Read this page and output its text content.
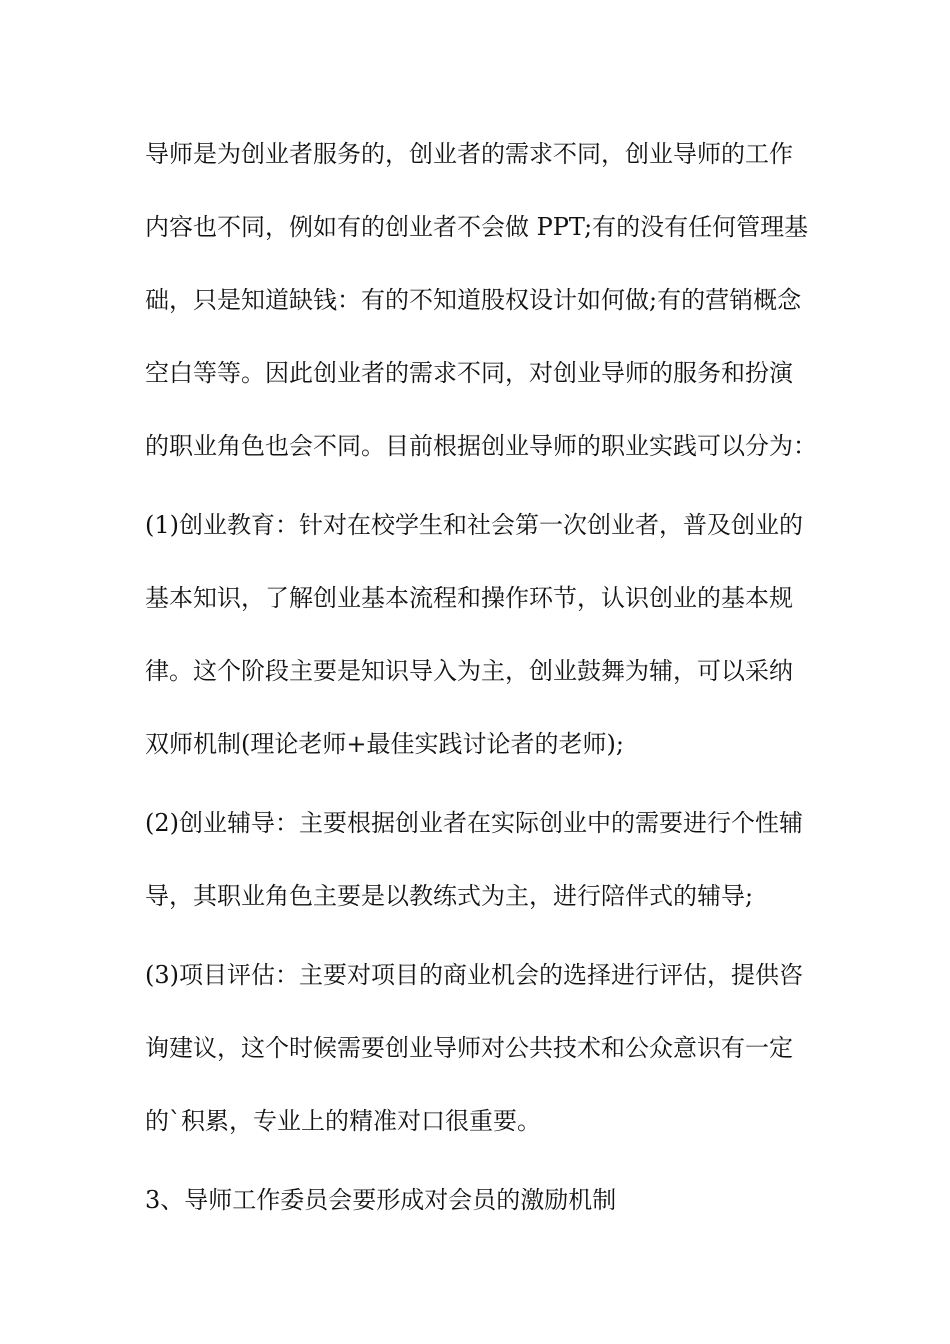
导师是为创业者服务的，创业者的需求不同，创业导师的工作
内容也不同，例如有的创业者不会做 PPT;有的没有任何管理基
础，只是知道缺钱：有的不知道股权设计如何做;有的营销概念
空白等等。因此创业者的需求不同，对创业导师的服务和扮演
的职业角色也会不同。目前根据创业导师的职业实践可以分为：
(1)创业教育：针对在校学生和社会第一次创业者，普及创业的
基本知识，了解创业基本流程和操作环节，认识创业的基本规
律。这个阶段主要是知识导入为主，创业鼓舞为辅，可以采纳
双师机制(理论老师+最佳实践讨论者的老师);
(2)创业辅导：主要根据创业者在实际创业中的需要进行个性辅
导，其职业角色主要是以教练式为主，进行陪伴式的辅导;
(3)项目评估：主要对项目的商业机会的选择进行评估，提供咨
询建议，这个时候需要创业导师对公共技术和公众意识有一定
的`积累，专业上的精准对口很重要。
3、导师工作委员会要形成对会员的激励机制
